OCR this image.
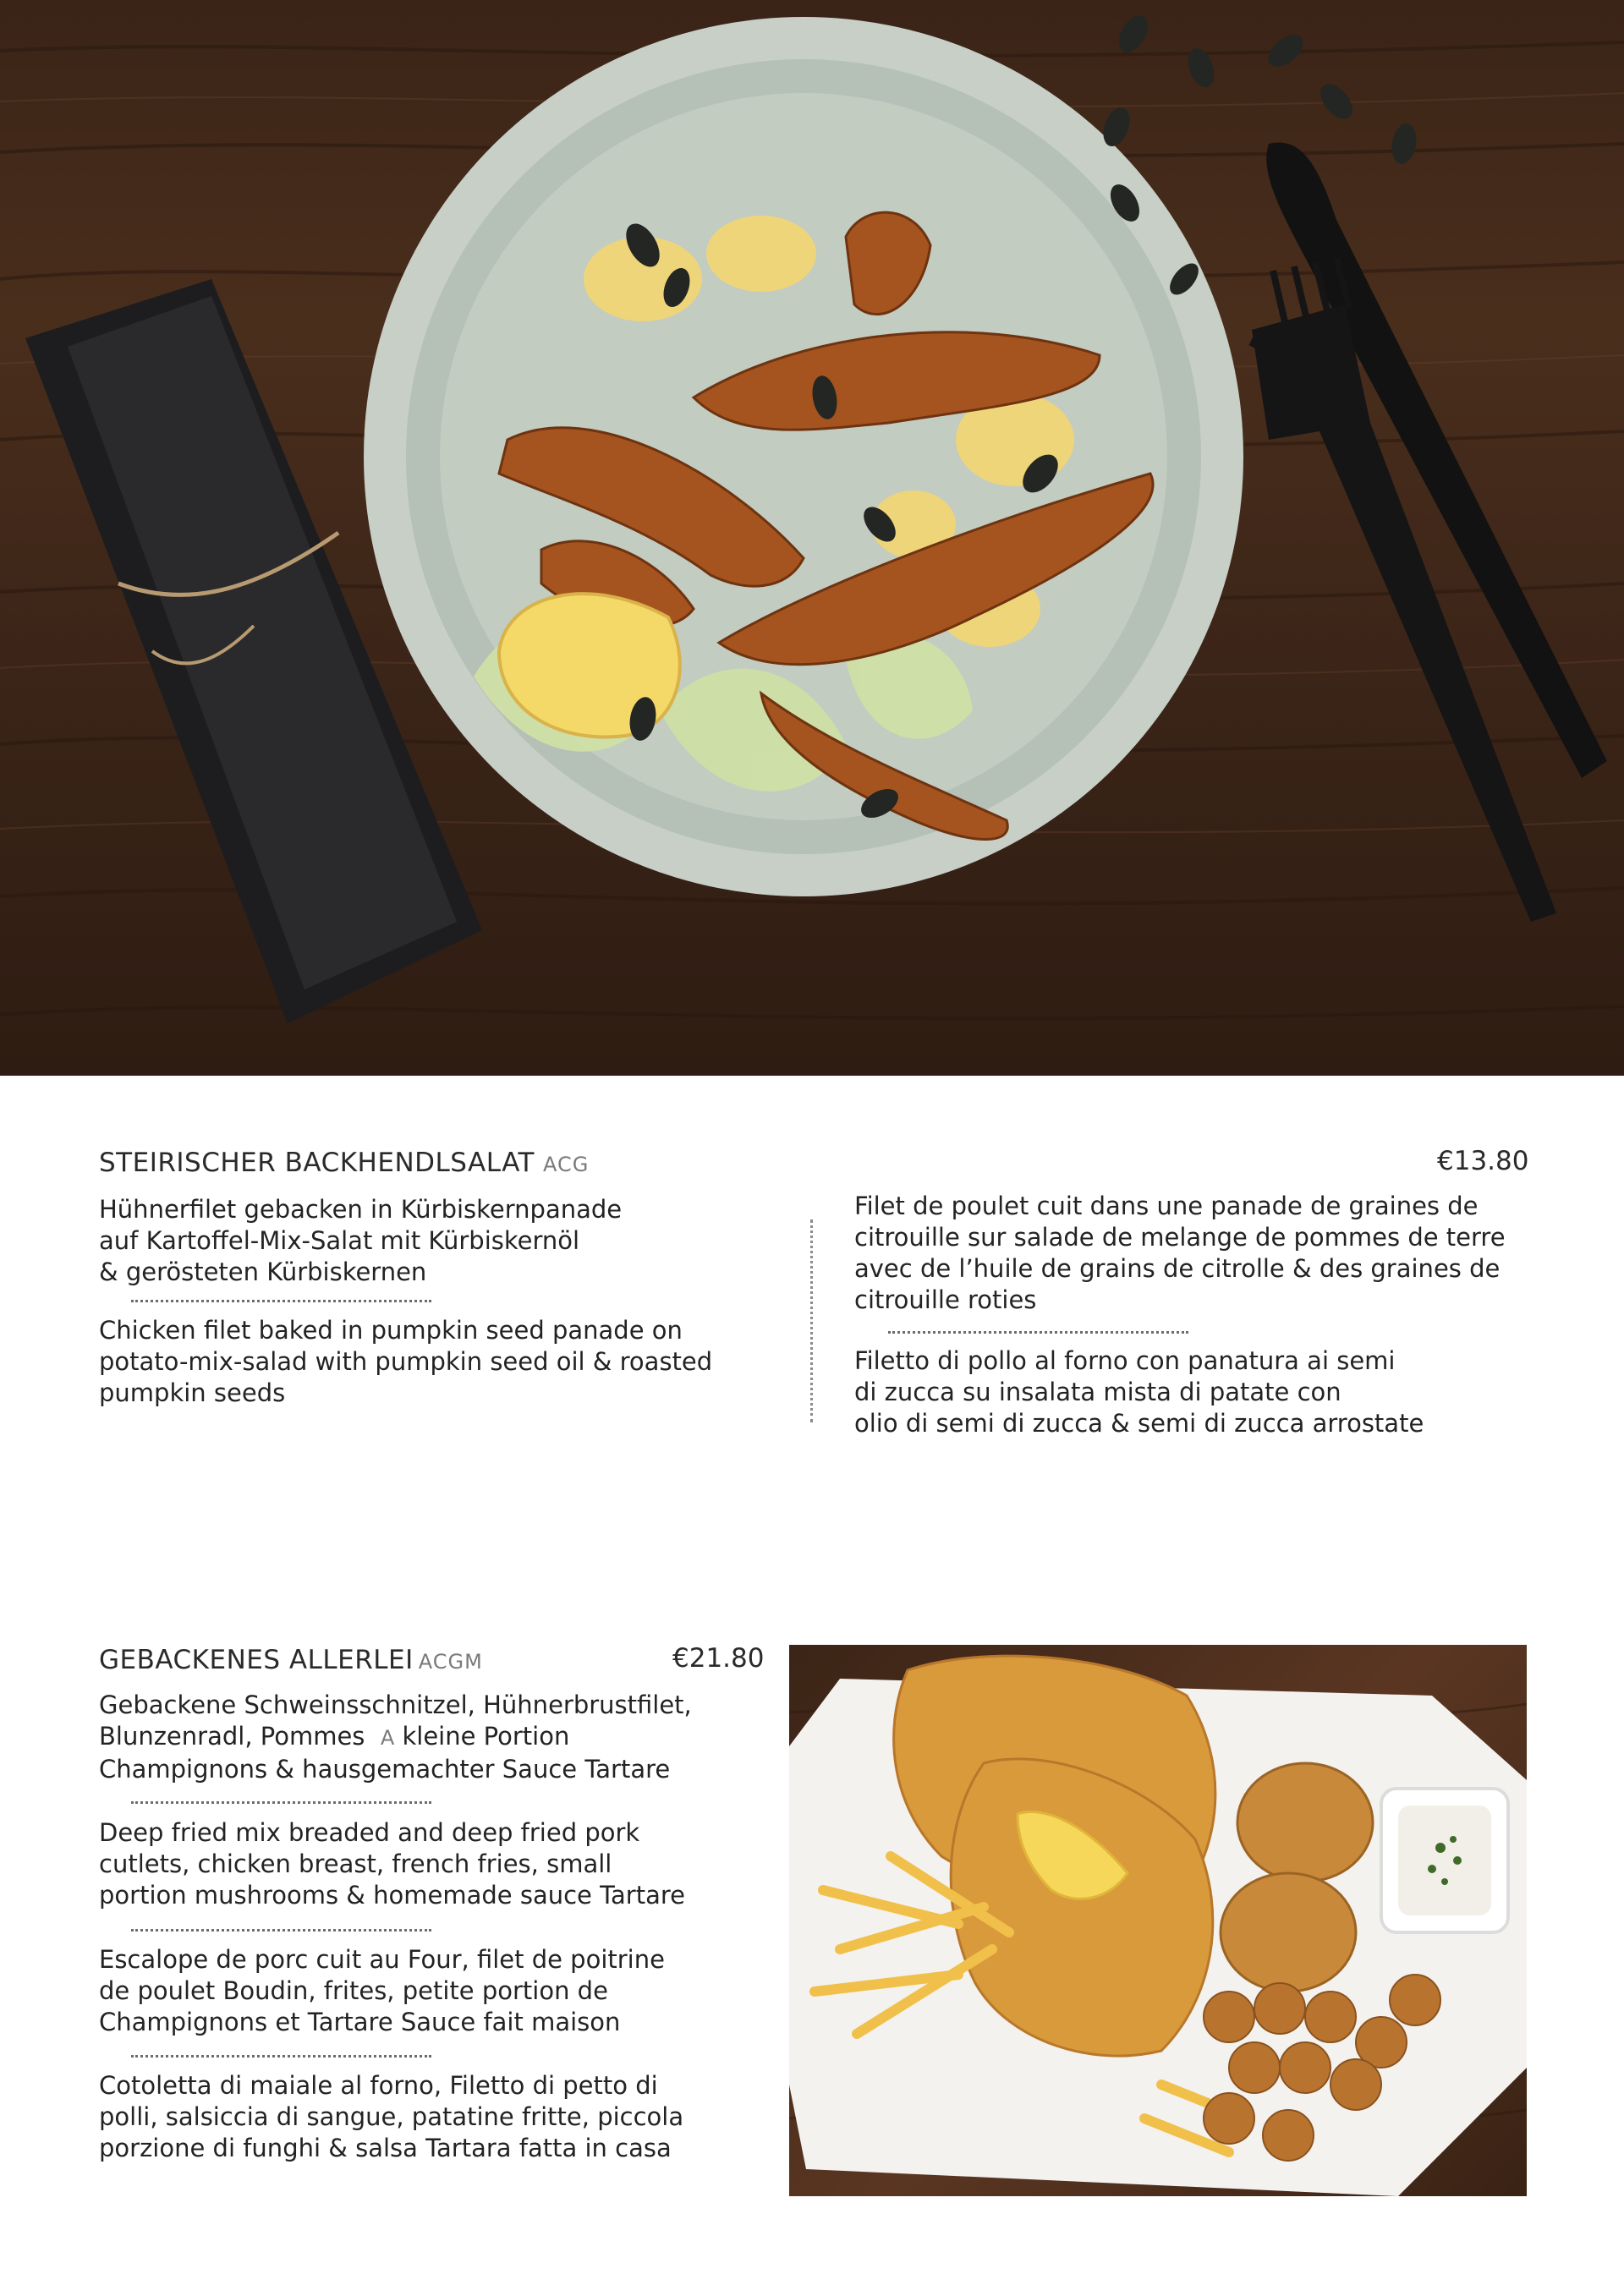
STEIRISCHER BACKHENDLSALAT ACG	€13.80
Hühnerfilet gebacken in Kürbiskernpanade
auf Kartoffel-Mix-Salat mit Kürbiskernöl
& gerösteten Kürbiskernen
Chicken filet baked in pumpkin seed panade on
potato-mix-salad with pumpkin seed oil & roasted
pumpkin seeds
Filet de poulet cuit dans une panade de graines de
citrouille sur salade de melange de pommes de terre
avec de l’huile de grains de citrolle & des graines de
citrouille roties
Filetto di pollo al forno con panatura ai semi
di zucca su insalata mista di patate con
olio di semi di zucca & semi di zucca arrostate
GEBACKENES ALLERLEI ACGM	€21.80
Gebackene Schweinsschnitzel, Hühnerbrustfilet,
Blunzenradl, Pommes A kleine Portion
Champignons & hausgemachter Sauce Tartare
Deep fried mix breaded and deep fried pork
cutlets, chicken breast, french fries, small
portion mushrooms & homemade sauce Tartare
Escalope de porc cuit au Four, filet de poitrine
de poulet Boudin, frites, petite portion de
Champignons et Tartare Sauce fait maison
Cotoletta di maiale al forno, Filetto di petto di
polli, salsiccia di sangue, patatine fritte, piccola
porzione di funghi & salsa Tartara fatta in casa
